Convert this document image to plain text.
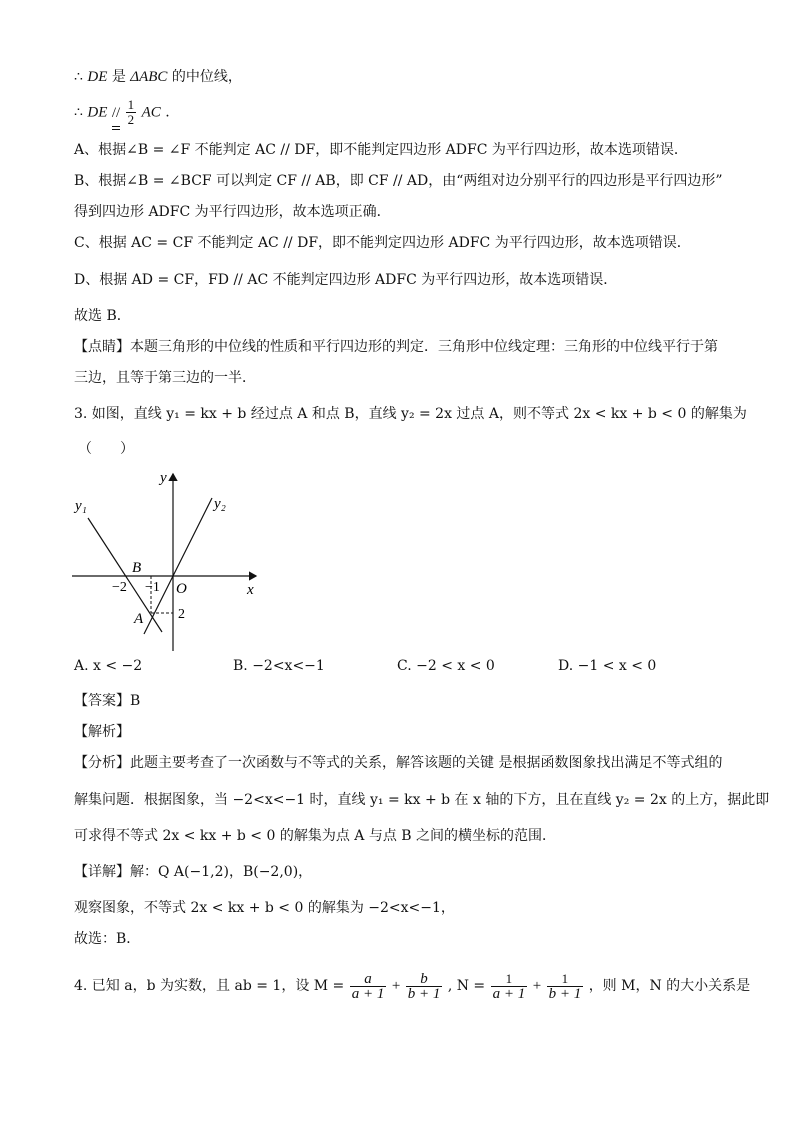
∴ DE 是 ΔABC 的中位线，
∴ DE //
$\frac{1}{2}$ AC .
A、根据∠B = ∠F 不能判定 AC // DF，即不能判定四边形 ADFC 为平行四边形，故本选项错误．
B、根据∠B = ∠BCF 可以判定 CF // AB，即 CF // AD，由“两组对边分别平行的四边形是平行四边形”
得到四边形 ADFC 为平行四边形，故本选项正确．
C、根据 AC = CF 不能判定 AC // DF，即不能判定四边形 ADFC 为平行四边形，故本选项错误．
D、根据 AD = CF，FD // AC 不能判定四边形 ADFC 为平行四边形，故本选项错误．
故选 B．
【点睛】本题三角形的中位线的性质和平行四边形的判定．三角形中位线定理：三角形的中位线平行于第
三边，且等于第三边的一半．
3. 如图，直线 y₁ = kx + b 经过点 A 和点 B，直线 y₂ = 2x 过点 A，则不等式 2x < kx + b < 0 的解集为
（　　）
y
x
O
y₁	y₂
B
A
−2 −1
2
A. x < −2	B. −2<x<−1	C. −2 < x < 0	D. −1 < x < 0
【答案】B
【解析】
【分析】此题主要考查了一次函数与不等式的关系，解答该题的关键 是根据函数图象找出满足不等式组的
解集问题．根据图象，当 −2<x<−1 时，直线 y₁ = kx + b 在 x 轴的下方，且在直线 y₂ = 2x 的上方，据此即
可求得不等式 2x < kx + b < 0 的解集为点 A 与点 B 之间的横坐标的范围．
【详解】解：Q A(−1,2)，B(−2,0)，
观察图象，不等式 2x < kx + b < 0 的解集为 −2<x<−1，
故选：B．
4. 已知 a，b 为实数，且 ab = 1，设 $M = \frac{a}{a + 1} + \frac{b}{b + 1}$ , $N = \frac{1}{a + 1} + \frac{1}{b + 1}$ ，则 M，N 的大小关系是
